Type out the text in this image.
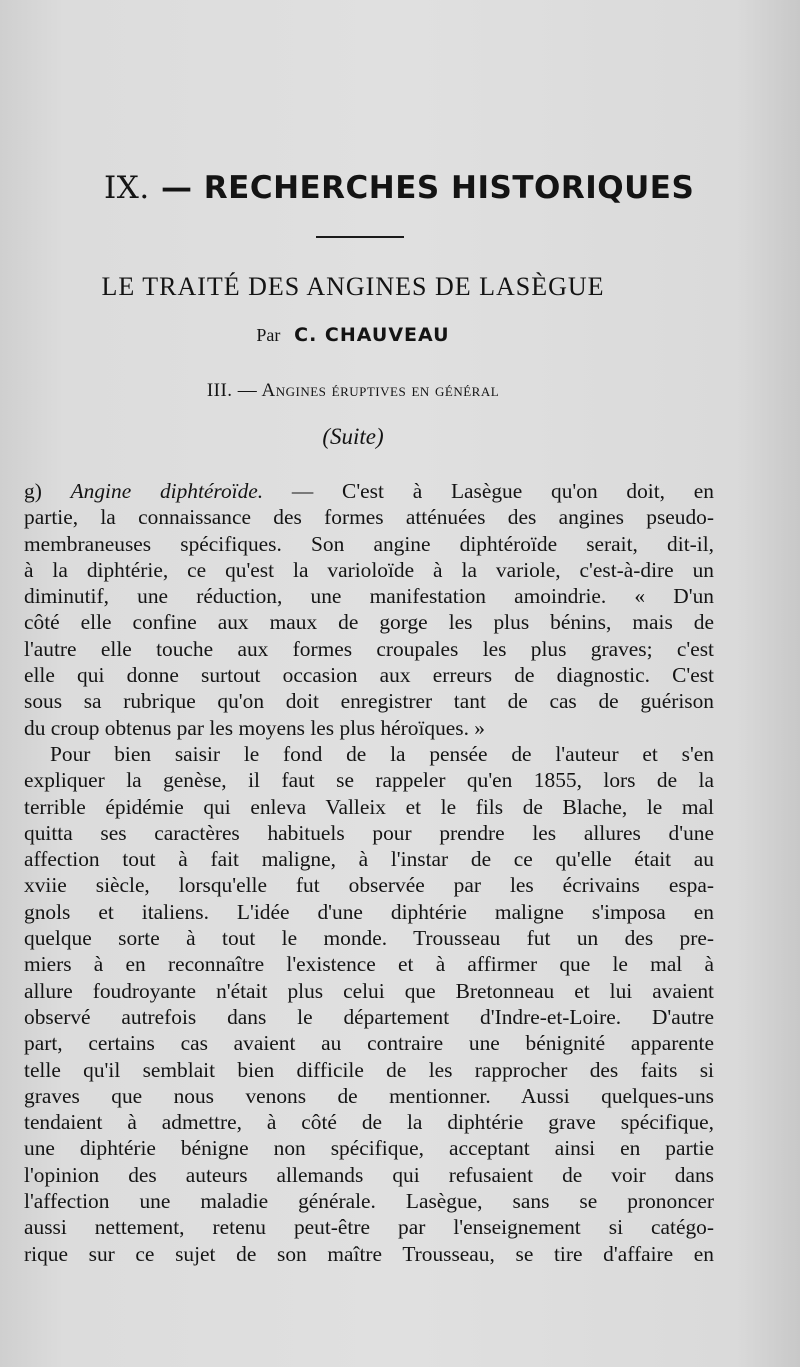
IX. — RECHERCHES HISTORIQUES
LE TRAITÉ DES ANGINES DE LASÈGUE
Par C. CHAUVEAU
III. — Angines éruptives en général
(Suite)
g) Angine diphtéroïde. — C'est à Lasègue qu'on doit, en
partie, la connaissance des formes atténuées des angines pseudo-
membraneuses spécifiques. Son angine diphtéroïde serait, dit-il,
à la diphtérie, ce qu'est la varioloïde à la variole, c'est-à-dire un
diminutif, une réduction, une manifestation amoindrie. « D'un
côté elle confine aux maux de gorge les plus bénins, mais de
l'autre elle touche aux formes croupales les plus graves; c'est
elle qui donne surtout occasion aux erreurs de diagnostic. C'est
sous sa rubrique qu'on doit enregistrer tant de cas de guérison
du croup obtenus par les moyens les plus héroïques. »
Pour bien saisir le fond de la pensée de l'auteur et s'en
expliquer la genèse, il faut se rappeler qu'en 1855, lors de la
terrible épidémie qui enleva Valleix et le fils de Blache, le mal
quitta ses caractères habituels pour prendre les allures d'une
affection tout à fait maligne, à l'instar de ce qu'elle était au
xviie siècle, lorsqu'elle fut observée par les écrivains espa-
gnols et italiens. L'idée d'une diphtérie maligne s'imposa en
quelque sorte à tout le monde. Trousseau fut un des pre-
miers à en reconnaître l'existence et à affirmer que le mal à
allure foudroyante n'était plus celui que Bretonneau et lui avaient
observé autrefois dans le département d'Indre-et-Loire. D'autre
part, certains cas avaient au contraire une bénignité apparente
telle qu'il semblait bien difficile de les rapprocher des faits si
graves que nous venons de mentionner. Aussi quelques-uns
tendaient à admettre, à côté de la diphtérie grave spécifique,
une diphtérie bénigne non spécifique, acceptant ainsi en partie
l'opinion des auteurs allemands qui refusaient de voir dans
l'affection une maladie générale. Lasègue, sans se prononcer
aussi nettement, retenu peut-être par l'enseignement si catégo-
rique sur ce sujet de son maître Trousseau, se tire d'affaire en
